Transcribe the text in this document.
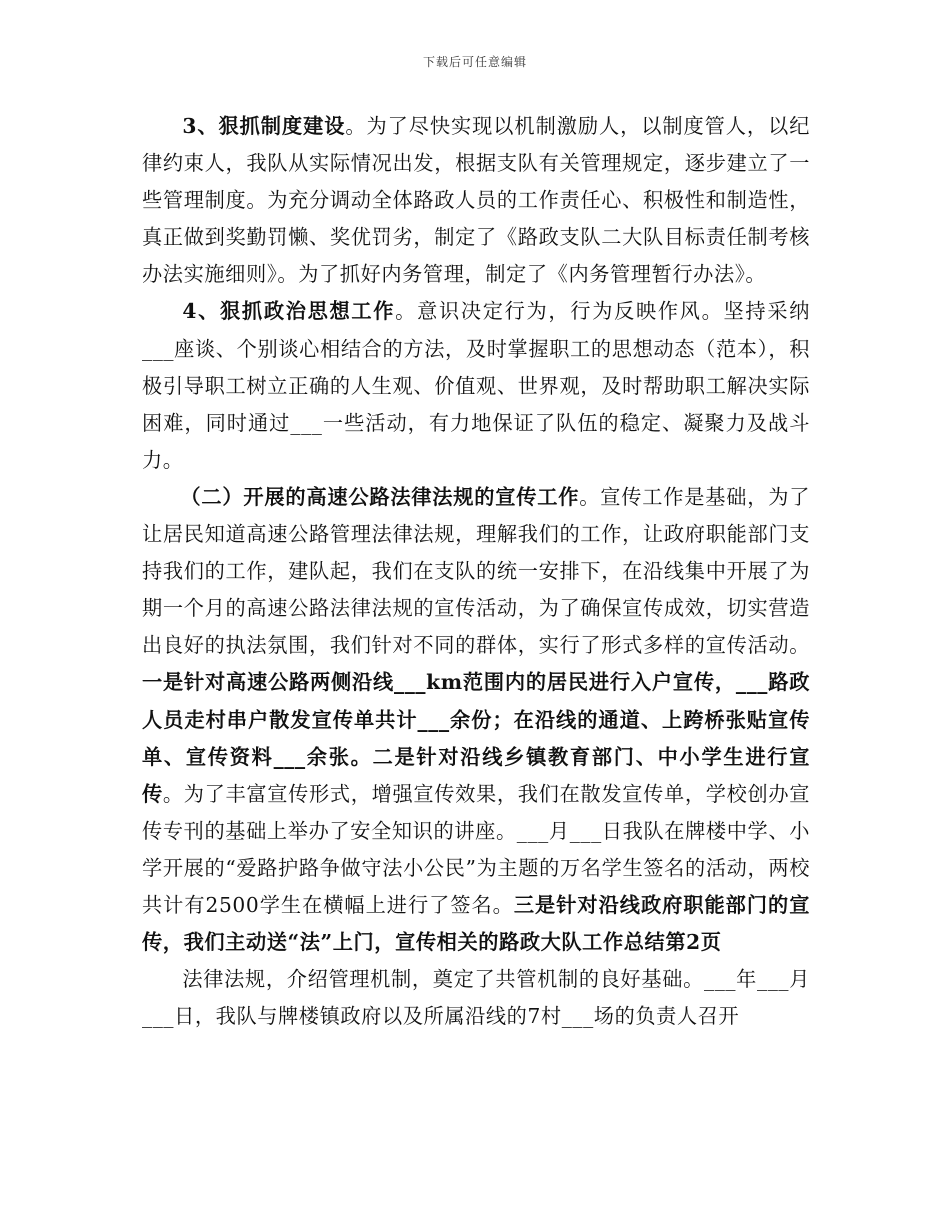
下载后可任意编辑

3、狠抓制度建设。为了尽快实现以机制激励人，以制度管人，以纪律约束人，我队从实际情况出发，根据支队有关管理规定，逐步建立了一些管理制度。为充分调动全体路政人员的工作责任心、积极性和制造性，真正做到奖勤罚懒、奖优罚劣，制定了《路政支队二大队目标责任制考核办法实施细则》。为了抓好内务管理，制定了《内务管理暂行办法》。

4、狠抓政治思想工作。意识决定行为，行为反映作风。坚持采纳___座谈、个别谈心相结合的方法，及时掌握职工的思想动态（范本），积极引导职工树立正确的人生观、价值观、世界观，及时帮助职工解决实际困难，同时通过___一些活动，有力地保证了队伍的稳定、凝聚力及战斗力。

（二）开展的高速公路法律法规的宣传工作。宣传工作是基础，为了让居民知道高速公路管理法律法规，理解我们的工作，让政府职能部门支持我们的工作，建队起，我们在支队的统一安排下，在沿线集中开展了为期一个月的高速公路法律法规的宣传活动，为了确保宣传成效，切实营造出良好的执法氛围，我们针对不同的群体，实行了形式多样的宣传活动。一是针对高速公路两侧沿线___km范围内的居民进行入户宣传，___路政人员走村串户散发宣传单共计___余份；在沿线的通道、上跨桥张贴宣传单、宣传资料___余张。二是针对沿线乡镇教育部门、中小学生进行宣传。为了丰富宣传形式，增强宣传效果，我们在散发宣传单，学校创办宣传专刊的基础上举办了安全知识的讲座。___月___日我队在牌楼中学、小学开展的“爱路护路争做守法小公民”为主题的万名学生签名的活动，两校共计有2500学生在横幅上进行了签名。三是针对沿线政府职能部门的宣传，我们主动送“法”上门，宣传相关的路政大队工作总结第2页

法律法规，介绍管理机制，奠定了共管机制的良好基础。___年___月___日，我队与牌楼镇政府以及所属沿线的7村___场的负责人召开
